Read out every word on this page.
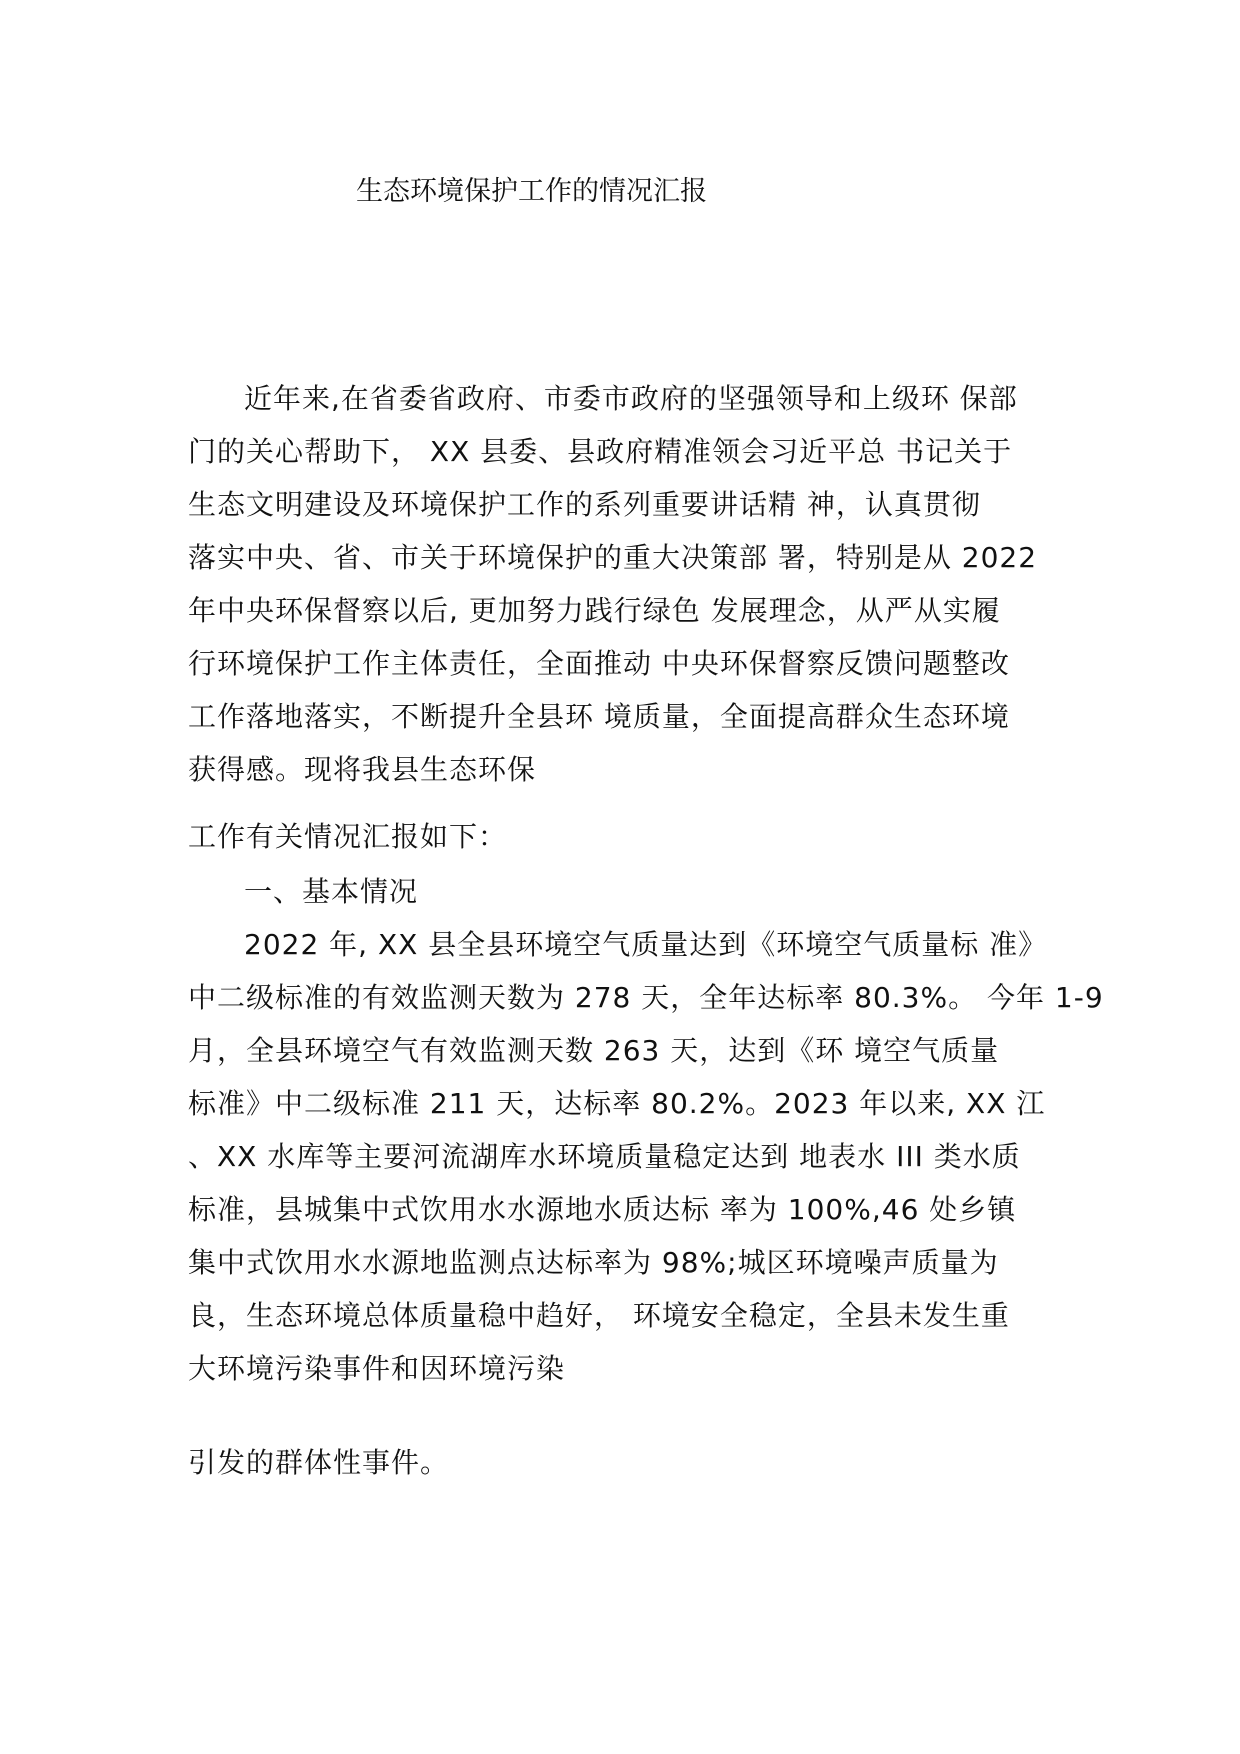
生态环境保护工作的情况汇报
近年来,在省委省政府、市委市政府的坚强领导和上级环 保部
门的关心帮助下， XX 县委、县政府精准领会习近平总 书记关于
生态文明建设及环境保护工作的系列重要讲话精 神，认真贯彻
落实中央、省、市关于环境保护的重大决策部 署，特别是从 2022
年中央环保督察以后, 更加努力践行绿色 发展理念，从严从实履
行环境保护工作主体责任，全面推动 中央环保督察反馈问题整改
工作落地落实，不断提升全县环 境质量，全面提高群众生态环境
获得感。现将我县生态环保
工作有关情况汇报如下：
一、基本情况
2022 年, XX 县全县环境空气质量达到《环境空气质量标 准》
中二级标准的有效监测天数为 278 天，全年达标率 80.3%。 今年 1-9
月，全县环境空气有效监测天数 263 天，达到《环 境空气质量
标准》中二级标准 211 天，达标率 80.2%。2023 年以来, XX 江
、XX 水库等主要河流湖库水环境质量稳定达到 地表水 III 类水质
标准，县城集中式饮用水水源地水质达标 率为 100%,46 处乡镇
集中式饮用水水源地监测点达标率为 98%;城区环境噪声质量为
良，生态环境总体质量稳中趋好， 环境安全稳定，全县未发生重
大环境污染事件和因环境污染
引发的群体性事件。
